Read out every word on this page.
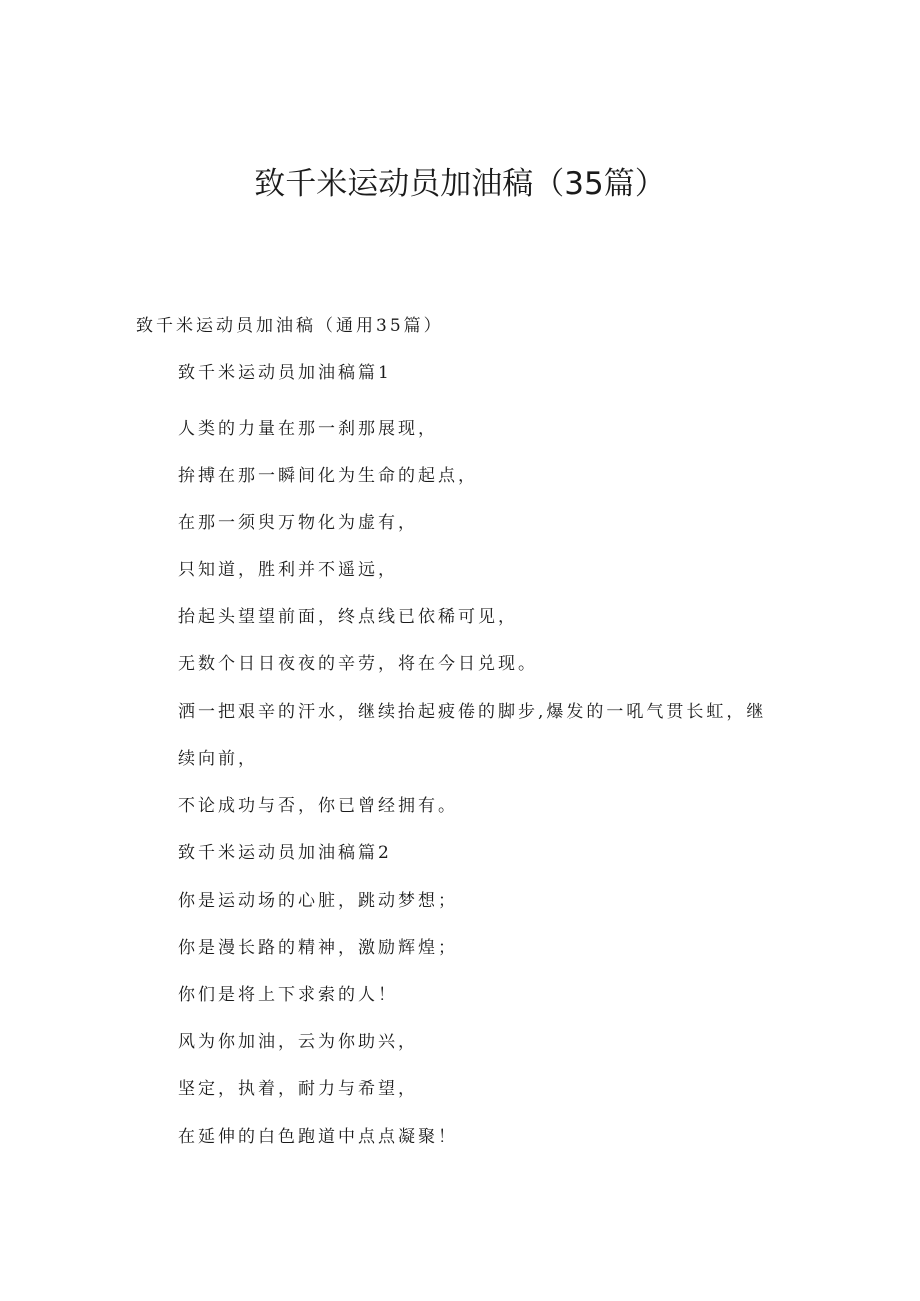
致千米运动员加油稿（35篇）
致千米运动员加油稿（通用35篇）
致千米运动员加油稿篇1
人类的力量在那一刹那展现，
拚搏在那一瞬间化为生命的起点，
在那一须臾万物化为虚有，
只知道，胜利并不遥远，
抬起头望望前面，终点线已依稀可见，
无数个日日夜夜的辛劳，将在今日兑现。
洒一把艰辛的汗水，继续抬起疲倦的脚步,爆发的一吼气贯长虹，继
续向前，
不论成功与否，你已曾经拥有。
致千米运动员加油稿篇2
你是运动场的心脏，跳动梦想；
你是漫长路的精神，激励辉煌；
你们是将上下求索的人！
风为你加油，云为你助兴，
坚定，执着，耐力与希望，
在延伸的白色跑道中点点凝聚！
